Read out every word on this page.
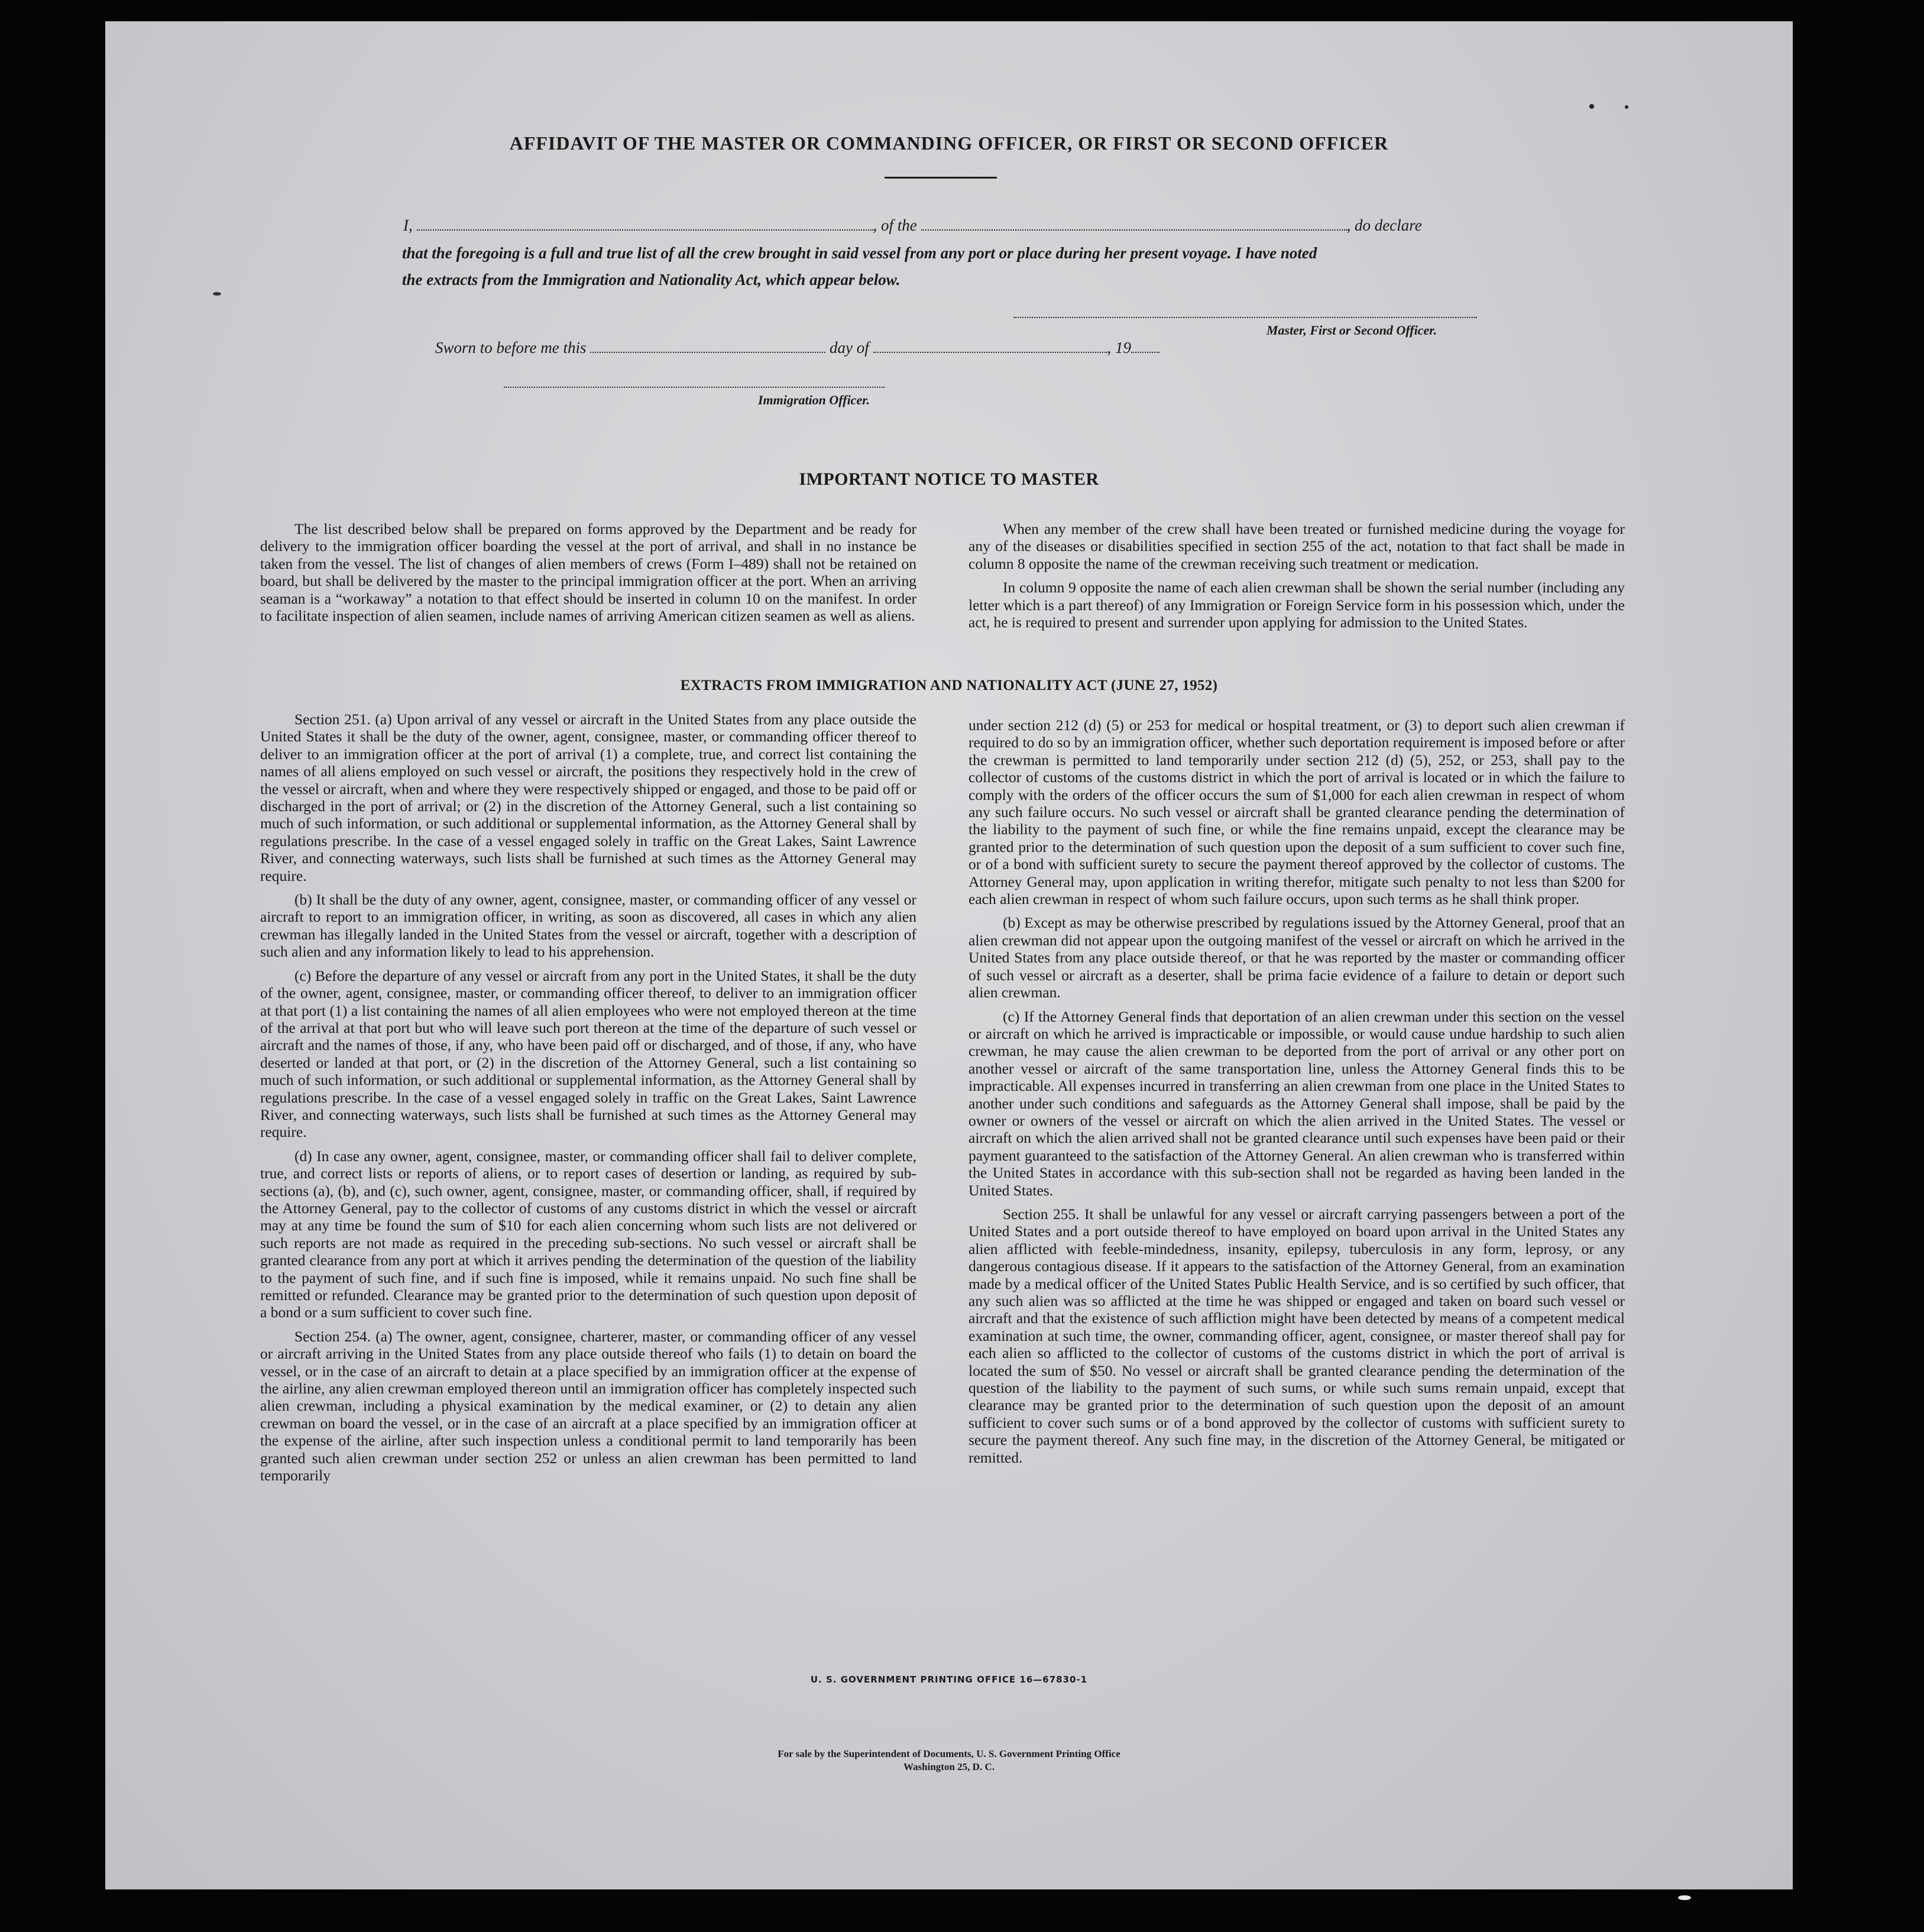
AFFIDAVIT OF THE MASTER OR COMMANDING OFFICER, OR FIRST OR SECOND OFFICER
I,	, of the	, do declare
that the foregoing is a full and true list of all the crew brought in said vessel from any port or place during her present voyage. I have noted
the extracts from the Immigration and Nationality Act, which appear below.
Master, First or Second Officer.
Sworn to before me this	day of	, 19
Immigration Officer.
IMPORTANT NOTICE TO MASTER

The list described below shall be prepared on forms approved by the Department and be ready for delivery to the immigration officer boarding the vessel at the port of arrival, and shall in no instance be taken from the vessel. The list of changes of alien members of crews (Form I–489) shall not be retained on board, but shall be delivered by the master to the principal immigration officer at the port. When an arriving seaman is a “workaway” a notation to that effect should be inserted in column 10 on the manifest. In order to facilitate inspection of alien seamen, include names of arriving American citizen seamen as well as aliens.

When any member of the crew shall have been treated or furnished medicine during the voyage for any of the diseases or disabilities specified in section 255 of the act, notation to that fact shall be made in column 8 opposite the name of the crewman receiving such treatment or medication.

In column 9 opposite the name of each alien crewman shall be shown the serial number (including any letter which is a part thereof) of any Immigration or Foreign Service form in his possession which, under the act, he is required to present and surrender upon applying for admission to the United States.

EXTRACTS FROM IMMIGRATION AND NATIONALITY ACT (JUNE 27, 1952)

Section 251. (a) Upon arrival of any vessel or aircraft in the United States from any place outside the United States it shall be the duty of the owner, agent, consignee, master, or commanding officer thereof to deliver to an immigration officer at the port of arrival (1) a complete, true, and correct list containing the names of all aliens employed on such vessel or aircraft, the positions they respectively hold in the crew of the vessel or aircraft, when and where they were respectively shipped or engaged, and those to be paid off or discharged in the port of arrival; or (2) in the discretion of the Attorney General, such a list containing so much of such information, or such additional or supplemental information, as the Attorney General shall by regulations prescribe. In the case of a vessel engaged solely in traffic on the Great Lakes, Saint Lawrence River, and connecting waterways, such lists shall be furnished at such times as the Attorney General may require.

(b) It shall be the duty of any owner, agent, consignee, master, or commanding officer of any vessel or aircraft to report to an immigration officer, in writing, as soon as discovered, all cases in which any alien crewman has illegally landed in the United States from the vessel or aircraft, together with a description of such alien and any information likely to lead to his apprehension.

(c) Before the departure of any vessel or aircraft from any port in the United States, it shall be the duty of the owner, agent, consignee, master, or commanding officer thereof, to deliver to an immigration officer at that port (1) a list containing the names of all alien employees who were not employed thereon at the time of the arrival at that port but who will leave such port thereon at the time of the departure of such vessel or aircraft and the names of those, if any, who have been paid off or discharged, and of those, if any, who have deserted or landed at that port, or (2) in the discretion of the Attorney General, such a list containing so much of such information, or such additional or supplemental information, as the Attorney General shall by regulations prescribe. In the case of a vessel engaged solely in traffic on the Great Lakes, Saint Lawrence River, and connecting waterways, such lists shall be furnished at such times as the Attorney General may require.

(d) In case any owner, agent, consignee, master, or commanding officer shall fail to deliver complete, true, and correct lists or reports of aliens, or to report cases of desertion or landing, as required by sub-sections (a), (b), and (c), such owner, agent, consignee, master, or commanding officer, shall, if required by the Attorney General, pay to the collector of customs of any customs district in which the vessel or aircraft may at any time be found the sum of $10 for each alien concerning whom such lists are not delivered or such reports are not made as required in the preceding sub-sections. No such vessel or aircraft shall be granted clearance from any port at which it arrives pending the determination of the question of the liability to the payment of such fine, and if such fine is imposed, while it remains unpaid. No such fine shall be remitted or refunded. Clearance may be granted prior to the determination of such question upon deposit of a bond or a sum sufficient to cover such fine.

Section 254. (a) The owner, agent, consignee, charterer, master, or commanding officer of any vessel or aircraft arriving in the United States from any place outside thereof who fails (1) to detain on board the vessel, or in the case of an aircraft to detain at a place specified by an immigration officer at the expense of the airline, any alien crewman employed thereon until an immigration officer has completely inspected such alien crewman, including a physical examination by the medical examiner, or (2) to detain any alien crewman on board the vessel, or in the case of an aircraft at a place specified by an immigration officer at the expense of the airline, after such inspection unless a conditional permit to land temporarily has been granted such alien crewman under section 252 or unless an alien crewman has been permitted to land temporarily

under section 212 (d) (5) or 253 for medical or hospital treatment, or (3) to deport such alien crewman if required to do so by an immigration officer, whether such deportation requirement is imposed before or after the crewman is permitted to land temporarily under section 212 (d) (5), 252, or 253, shall pay to the collector of customs of the customs district in which the port of arrival is located or in which the failure to comply with the orders of the officer occurs the sum of $1,000 for each alien crewman in respect of whom any such failure occurs. No such vessel or aircraft shall be granted clearance pending the determination of the liability to the payment of such fine, or while the fine remains unpaid, except the clearance may be granted prior to the determination of such question upon the deposit of a sum sufficient to cover such fine, or of a bond with sufficient surety to secure the payment thereof approved by the collector of customs. The Attorney General may, upon application in writing therefor, mitigate such penalty to not less than $200 for each alien crewman in respect of whom such failure occurs, upon such terms as he shall think proper.

(b) Except as may be otherwise prescribed by regulations issued by the Attorney General, proof that an alien crewman did not appear upon the outgoing manifest of the vessel or aircraft on which he arrived in the United States from any place outside thereof, or that he was reported by the master or commanding officer of such vessel or aircraft as a deserter, shall be prima facie evidence of a failure to detain or deport such alien crewman.

(c) If the Attorney General finds that deportation of an alien crewman under this section on the vessel or aircraft on which he arrived is impracticable or impossible, or would cause undue hardship to such alien crewman, he may cause the alien crewman to be deported from the port of arrival or any other port on another vessel or aircraft of the same transportation line, unless the Attorney General finds this to be impracticable. All expenses incurred in transferring an alien crewman from one place in the United States to another under such conditions and safeguards as the Attorney General shall impose, shall be paid by the owner or owners of the vessel or aircraft on which the alien arrived in the United States. The vessel or aircraft on which the alien arrived shall not be granted clearance until such expenses have been paid or their payment guaranteed to the satisfaction of the Attorney General. An alien crewman who is transferred within the United States in accordance with this sub-section shall not be regarded as having been landed in the United States.

Section 255. It shall be unlawful for any vessel or aircraft carrying passengers between a port of the United States and a port outside thereof to have employed on board upon arrival in the United States any alien afflicted with feeble-mindedness, insanity, epilepsy, tuberculosis in any form, leprosy, or any dangerous contagious disease. If it appears to the satisfaction of the Attorney General, from an examination made by a medical officer of the United States Public Health Service, and is so certified by such officer, that any such alien was so afflicted at the time he was shipped or engaged and taken on board such vessel or aircraft and that the existence of such affliction might have been detected by means of a competent medical examination at such time, the owner, commanding officer, agent, consignee, or master thereof shall pay for each alien so afflicted to the collector of customs of the customs district in which the port of arrival is located the sum of $50. No vessel or aircraft shall be granted clearance pending the determination of the question of the liability to the payment of such sums, or while such sums remain unpaid, except that clearance may be granted prior to the determination of such question upon the deposit of an amount sufficient to cover such sums or of a bond approved by the collector of customs with sufficient surety to secure the payment thereof. Any such fine may, in the discretion of the Attorney General, be mitigated or remitted.

U. S. GOVERNMENT PRINTING OFFICE 16—67830-1
For sale by the Superintendent of Documents, U. S. Government Printing Office
Washington 25, D. C.
